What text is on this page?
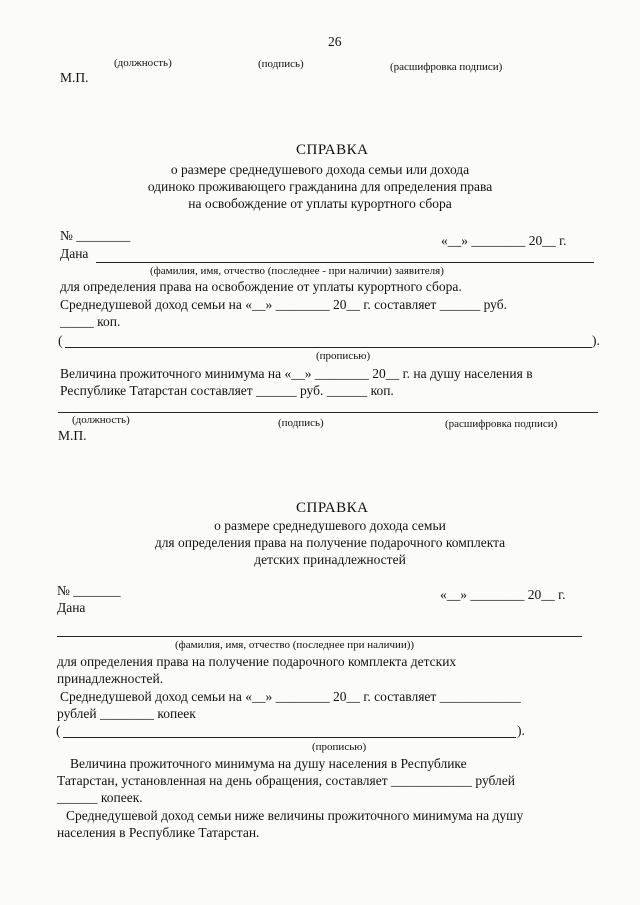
26
(должность)	(подпись)	(расшифровка подписи)
М.П.
СПРАВКА
о размере среднедушевого дохода семьи или дохода
одиноко проживающего гражданина для определения права
на освобождение от уплаты курортного сбора
№ ________	«__» ________ 20__ г.
Дана
(фамилия, имя, отчество (последнее - при наличии) заявителя)
для определения права на освобождение от уплаты курортного сбора.
Среднедушевой доход семьи на «__» ________ 20__ г. составляет ______ руб.
_____ коп.
(	).
(прописью)
Величина прожиточного минимума на «__» ________ 20__ г. на душу населения в
Республике Татарстан составляет ______ руб. ______ коп.
(должность)	(подпись)	(расшифровка подписи)
М.П.
СПРАВКА
о размере среднедушевого дохода семьи
для определения права на получение подарочного комплекта
детских принадлежностей
№ _______	«__» ________ 20__ г.
Дана
(фамилия, имя, отчество (последнее при наличии))
для определения права на получение подарочного комплекта детских
принадлежностей.
Среднедушевой доход семьи на «__» ________ 20__ г. составляет ____________
рублей ________ копеек
(	).
(прописью)
Величина прожиточного минимума на душу населения в Республике
Татарстан, установленная на день обращения, составляет ____________ рублей
______ копеек.
Среднедушевой доход семьи ниже величины прожиточного минимума на душу
населения в Республике Татарстан.
